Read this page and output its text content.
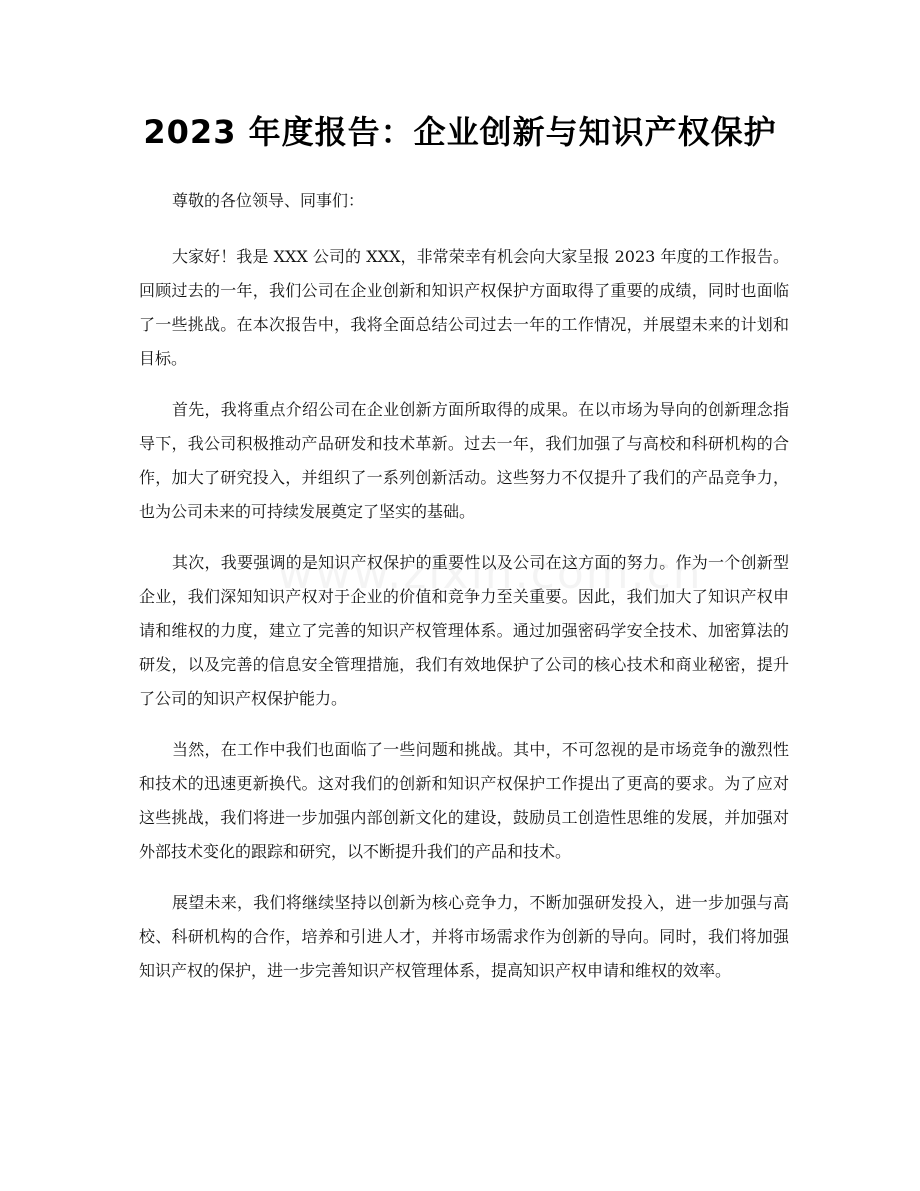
2023 年度报告：企业创新与知识产权保护

尊敬的各位领导、同事们：

大家好！我是 XXX 公司的 XXX，非常荣幸有机会向大家呈报 2023 年度的工作报告。回顾过去的一年，我们公司在企业创新和知识产权保护方面取得了重要的成绩，同时也面临了一些挑战。在本次报告中，我将全面总结公司过去一年的工作情况，并展望未来的计划和目标。

首先，我将重点介绍公司在企业创新方面所取得的成果。在以市场为导向的创新理念指导下，我公司积极推动产品研发和技术革新。过去一年，我们加强了与高校和科研机构的合作，加大了研究投入，并组织了一系列创新活动。这些努力不仅提升了我们的产品竞争力，也为公司未来的可持续发展奠定了坚实的基础。

其次，我要强调的是知识产权保护的重要性以及公司在这方面的努力。作为一个创新型企业，我们深知知识产权对于企业的价值和竞争力至关重要。因此，我们加大了知识产权申请和维权的力度，建立了完善的知识产权管理体系。通过加强密码学安全技术、加密算法的研发，以及完善的信息安全管理措施，我们有效地保护了公司的核心技术和商业秘密，提升了公司的知识产权保护能力。

当然，在工作中我们也面临了一些问题和挑战。其中，不可忽视的是市场竞争的激烈性和技术的迅速更新换代。这对我们的创新和知识产权保护工作提出了更高的要求。为了应对这些挑战，我们将进一步加强内部创新文化的建设，鼓励员工创造性思维的发展，并加强对外部技术变化的跟踪和研究，以不断提升我们的产品和技术。

展望未来，我们将继续坚持以创新为核心竞争力，不断加强研发投入，进一步加强与高校、科研机构的合作，培养和引进人才，并将市场需求作为创新的导向。同时，我们将加强知识产权的保护，进一步完善知识产权管理体系，提高知识产权申请和维权的效率。
